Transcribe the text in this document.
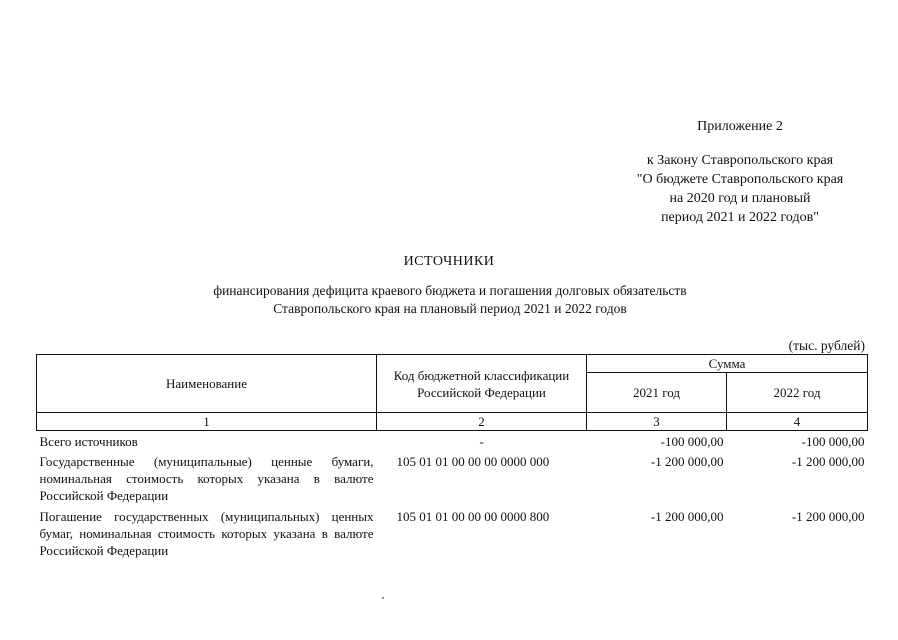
Приложение 2
к Закону Ставропольского края
"О бюджете Ставропольского края
на 2020 год и плановый
период 2021 и 2022 годов"
ИСТОЧНИКИ
финансирования дефицита краевого бюджета и погашения долговых обязательств
Ставропольского края на плановый период 2021 и 2022 годов
(тыс. рублей)
Наименование	Код бюджетной классификации Российской Федерации	Сумма	
		2021 год	2022 год
1	2	3	4
Всего источников	-	-100 000,00	-100 000,00
Государственные (муниципальные) ценные бумаги, номинальная стоимость которых указана в валюте Российской Федерации	105 01 01 00 00 00 0000 000	-1 200 000,00	-1 200 000,00
Погашение государственных (муниципальных) ценных бумаг, номинальная стоимость которых указана в валюте Российской Федерации	105 01 01 00 00 00 0000 800	-1 200 000,00	-1 200 000,00
